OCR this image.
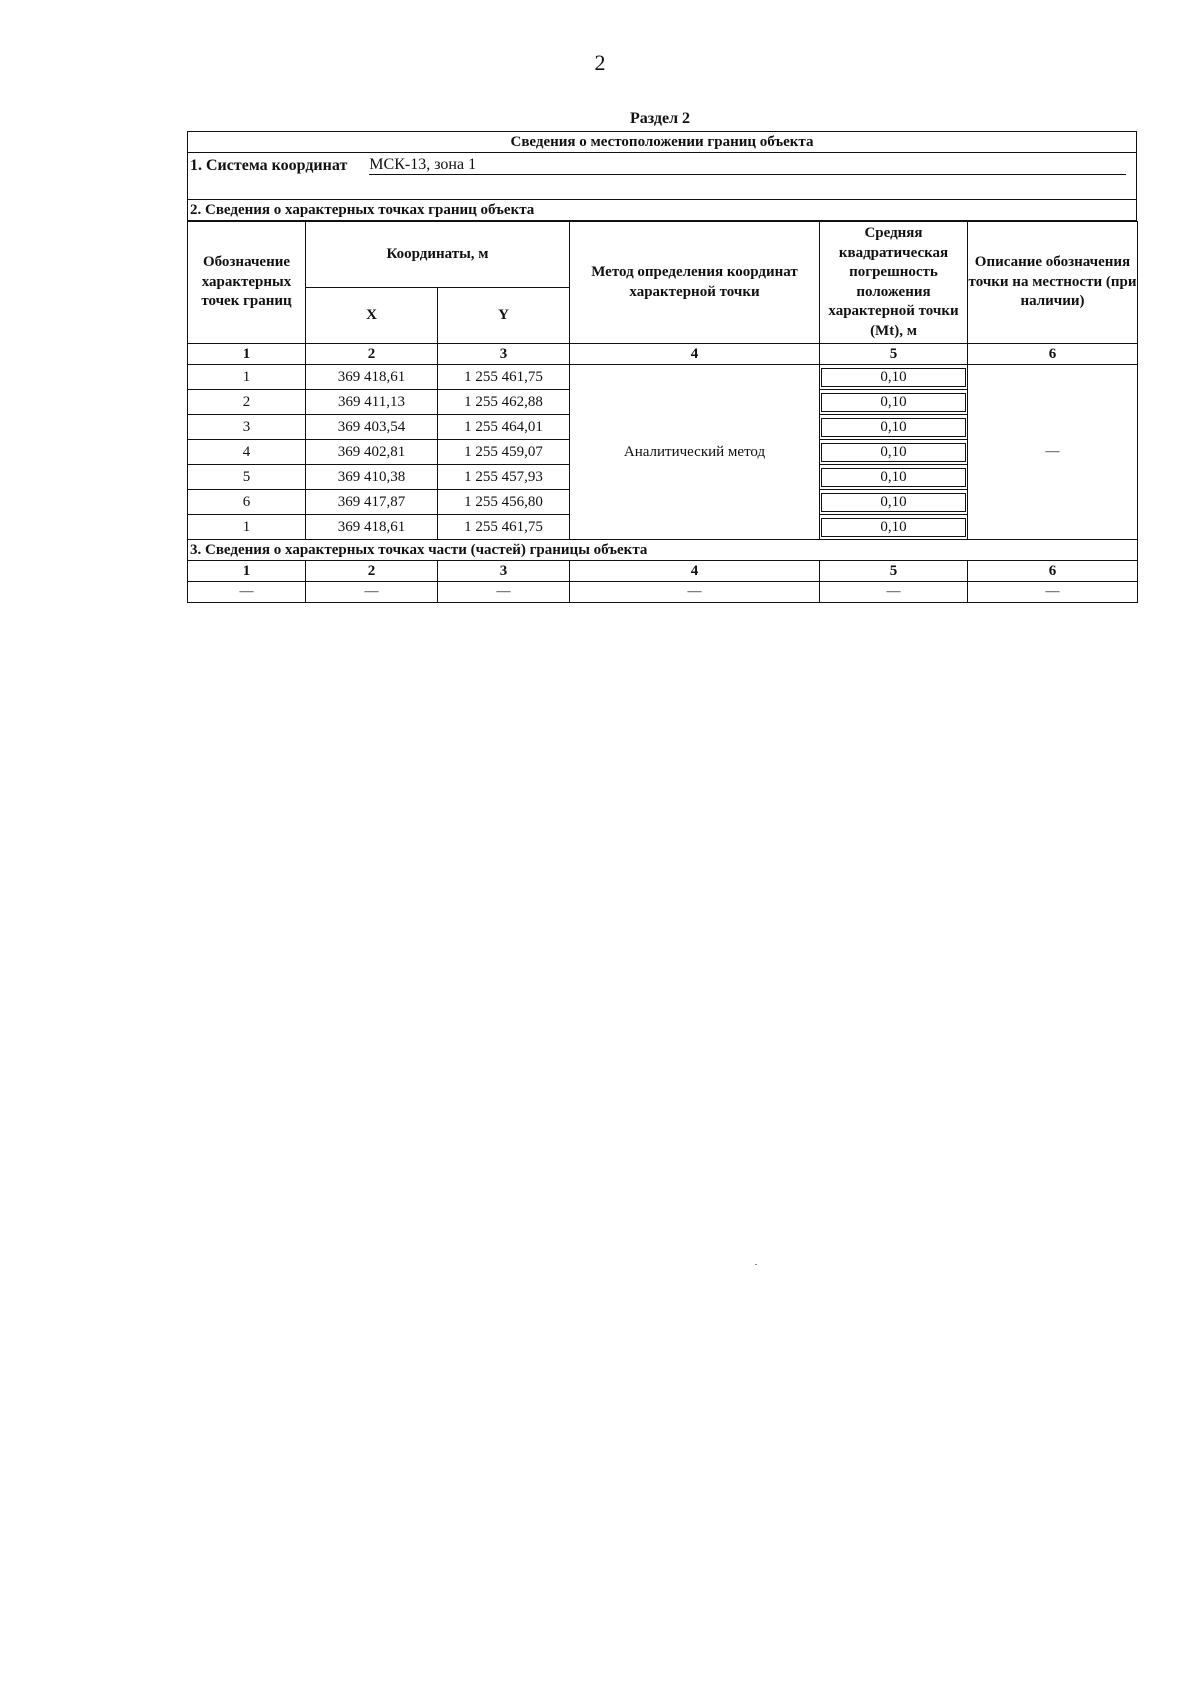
2
Раздел 2
Сведения о местоположении границ объекта
1. Система координат МСК-13, зона 1
2. Сведения о характерных точках границ объекта
Обозначение характерных точек границ	Координаты, м		Метод определения координат характерной точки	Средняя квадратическая погрешность положения характерной точки (Mt), м	Описание обозначения точки на местности (при наличии)
	X	Y			
1	2	3	4	5	6
1	369 418,61	1 255 461,75	Аналитический метод	0,10	—
2	369 411,13	1 255 462,88		0,10	

3	369 403,54	1 255 464,01		0,10	

4	369 402,81	1 255 459,07		0,10	

5	369 410,38	1 255 457,93		0,10	

6	369 417,87	1 255 456,80		0,10	

1	369 418,61	1 255 461,75		0,10	

3. Сведения о характерных точках части (частей) границы объекта					
1	2	3	4	5	6
—	—	—	—	—	—
